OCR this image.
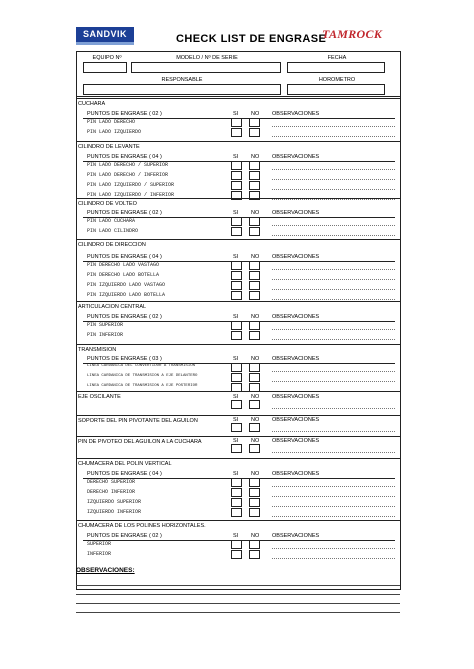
SANDVIK	CHECK LIST DE ENGRASE
TAMROCK
EQUIPO Nº	MODELO / Nº DE SERIE	FECHA
RESPONSABLE	HOROMETRO
CUCHARA
PUNTOS DE ENGRASE ( 02 )	SI NO OBSERVACIONES
PIN LADO DERECHO
PIN LADO IZQUIERDO
CILINDRO DE LEVANTE
PUNTOS DE ENGRASE ( 04 )	SI NO OBSERVACIONES
PIN LADO DERECHO / SUPERIOR
PIN LADO DERECHO / INFERIOR
PIN LADO IZQUIERDO / SUPERIOR
PIN LADO IZQUIERDO / INFERIOR
CILINDRO DE VOLTEO
PUNTOS DE ENGRASE ( 02 )	SI NO OBSERVACIONES
PIN LADO CUCHARA
PIN LADO CILINDRO
CILINDRO DE DIRECCION
PUNTOS DE ENGRASE ( 04 )	SI NO OBSERVACIONES
PIN DERECHO LADO VASTAGO
PIN DERECHO LADO BOTELLA
PIN IZQUIERDO LADO VASTAGO
PIN IZQUIERDO LADO BOTELLA
ARTICULACION CENTRAL
PUNTOS DE ENGRASE ( 02 )	SI NO OBSERVACIONES
PIN SUPERIOR
PIN INFERIOR
TRANSMISION
PUNTOS DE ENGRASE ( 03 )	SI NO OBSERVACIONES
LINEA CARDANICA DEL CONVERTIDOR A TRANSMISION
LINEA CARDANICA DE TRANSMISION A EJE DELANTERO
LINEA CARDANICA DE TRANSMISION A EJE POSTERIOR
EJE OSCILANTE	SI NO OBSERVACIONES
SOPORTE DEL PIN PIVOTANTE DEL AGUILON	SI NO OBSERVACIONES
PIN DE PIVOTEO DEL AGUILON A LA CUCHARA	SI NO OBSERVACIONES
CHUMACERA DEL POLIN VERTICAL
PUNTOS DE ENGRASE ( 04 )	SI NO OBSERVACIONES
DERECHO SUPERIOR
DERECHO INFERIOR
IZQUIERDO SUPERIOR
IZQUIERDO INFERIOR
CHUMACERA DE LOS POLINES HORIZONTALES.
PUNTOS DE ENGRASE ( 02 )	SI NO OBSERVACIONES
SUPERIOR
INFERIOR
OBSERVACIONES:
